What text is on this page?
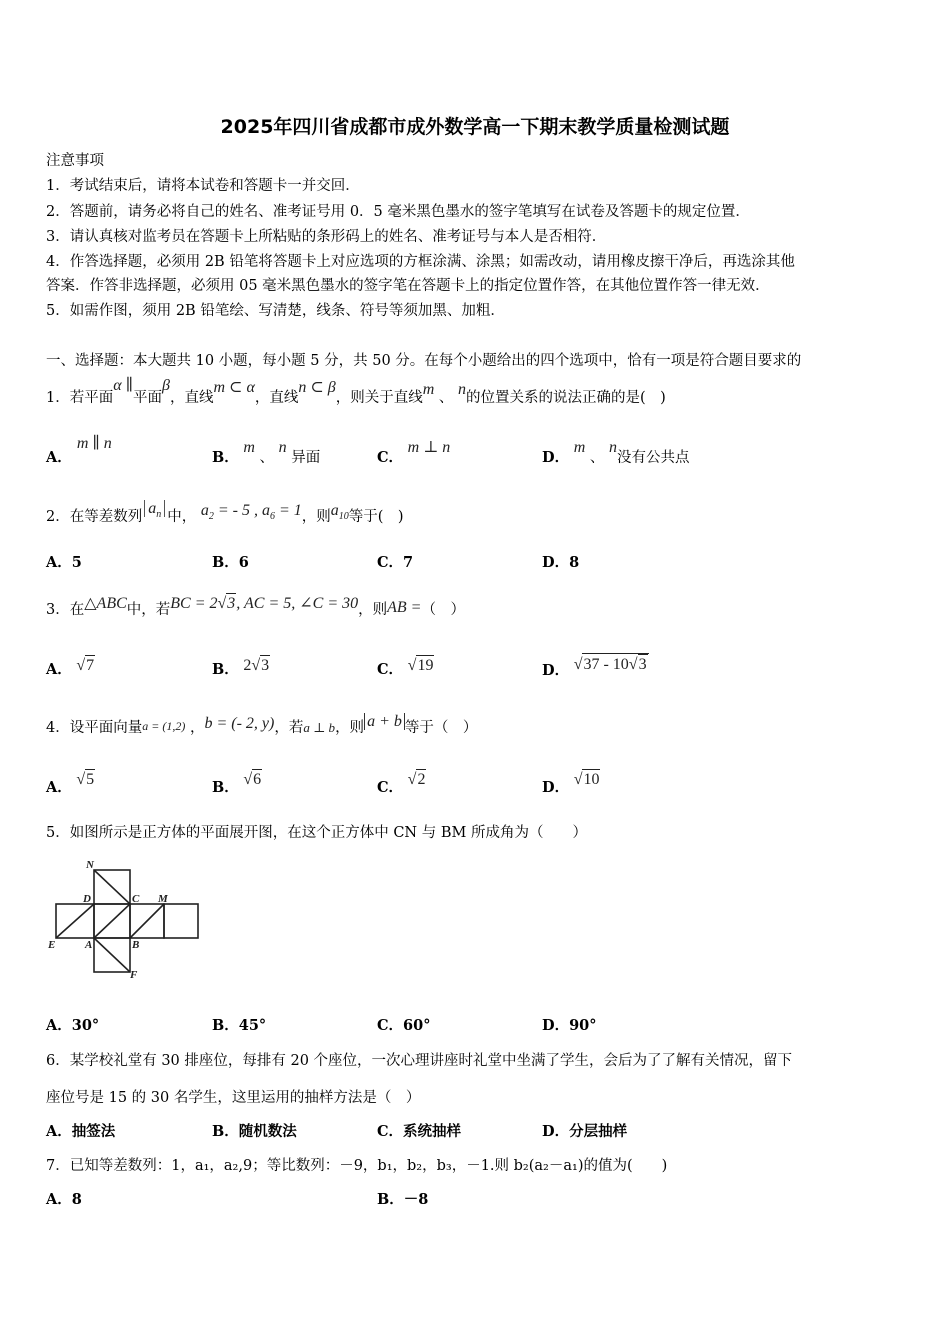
2025年四川省成都市成外数学高一下期末教学质量检测试题
注意事项
1．考试结束后，请将本试卷和答题卡一并交回．
2．答题前，请务必将自己的姓名、准考证号用 0．5 毫米黑色墨水的签字笔填写在试卷及答题卡的规定位置．
3．请认真核对监考员在答题卡上所粘贴的条形码上的姓名、准考证号与本人是否相符．
4．作答选择题，必须用 2B 铅笔将答题卡上对应选项的方框涂满、涂黑；如需改动，请用橡皮擦干净后，再选涂其他
答案．作答非选择题，必须用 05 毫米黑色墨水的签字笔在答题卡上的指定位置作答，在其他位置作答一律无效．
5．如需作图，须用 2B 铅笔绘、写清楚，线条、符号等须加黑、加粗．
一、选择题：本大题共 10 小题，每小题 5 分，共 50 分。在每个小题给出的四个选项中，恰有一项是符合题目要求的
1．若平面α ∥平面β，直线m ⊂ α，直线n ⊂ β，则关于直线m 、 n的位置关系的说法正确的是(　)
A． m ∥ n
B． m 、 n 异面	C． m ⊥ n
D． m 、 n没有公共点
2．在等差数列 $a_n$ 中， $a_2$ = - 5 , $a_6 = 1$，则$a_{10}$等于(　)
A．5	B．6	C．7	D．8
3．在△ABC中，若BC = 2√3, AC = 5, ∠C = 30，则AB =（　）
A． √7	B． 2√3	C． √19	D． √37 - 10√3
4．设平面向量a = (1,2) ，b = (- 2, y)，若a ⊥ b，则 a + b 等于（　）
A． √5	B． √6	C． √2	D． √10
5．如图所示是正方体的平面展开图，在这个正方体中 CN 与 BM 所成角为（　　）
N
D	C M
E	A	B
F
A．30°	B．45°	C．60°	D．90°
6．某学校礼堂有 30 排座位，每排有 20 个座位，一次心理讲座时礼堂中坐满了学生，会后为了了解有关情况，留下
座位号是 15 的 30 名学生，这里运用的抽样方法是（　）
A．抽签法	B．随机数法	C．系统抽样	D．分层抽样
7．已知等差数列：1，a₁，a₂,9；等比数列：－9，b₁，b₂，b₃，－1.则 b₂(a₂－a₁)的值为(　　)
A．8	B．－8
